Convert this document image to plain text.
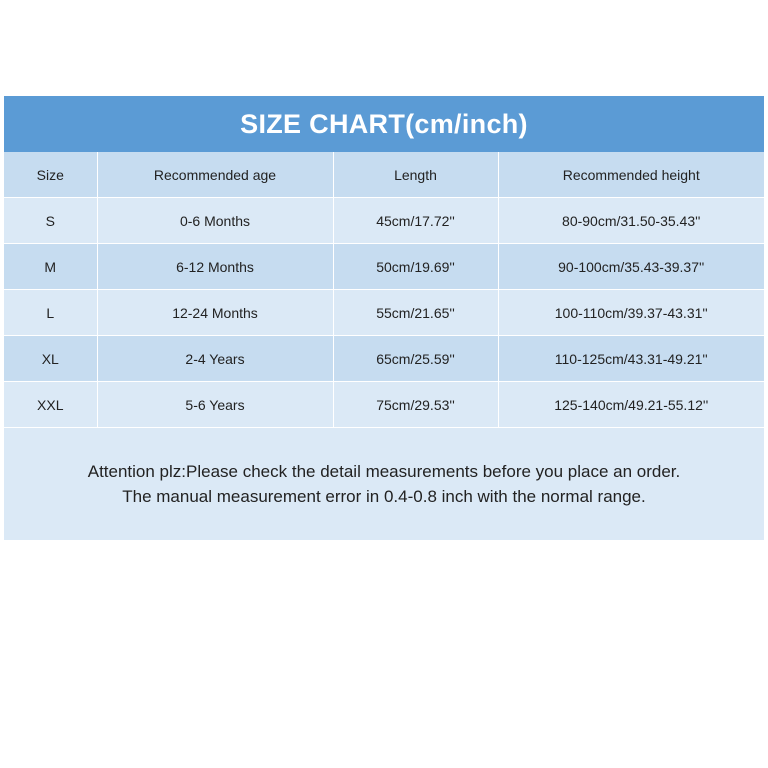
SIZE CHART(cm/inch)
Size	Recommended age	Length	Recommended height
S	0-6 Months	45cm/17.72''	80-90cm/31.50-35.43''
M	6-12 Months	50cm/19.69''	90-100cm/35.43-39.37''
L	12-24 Months	55cm/21.65''	100-110cm/39.37-43.31''
XL	2-4 Years	65cm/25.59''	110-125cm/43.31-49.21''
XXL	5-6 Years	75cm/29.53''	125-140cm/49.21-55.12''
Attention plz:Please check the detail measurements before you place an order.
The manual measurement error in 0.4-0.8 inch with the normal range.
